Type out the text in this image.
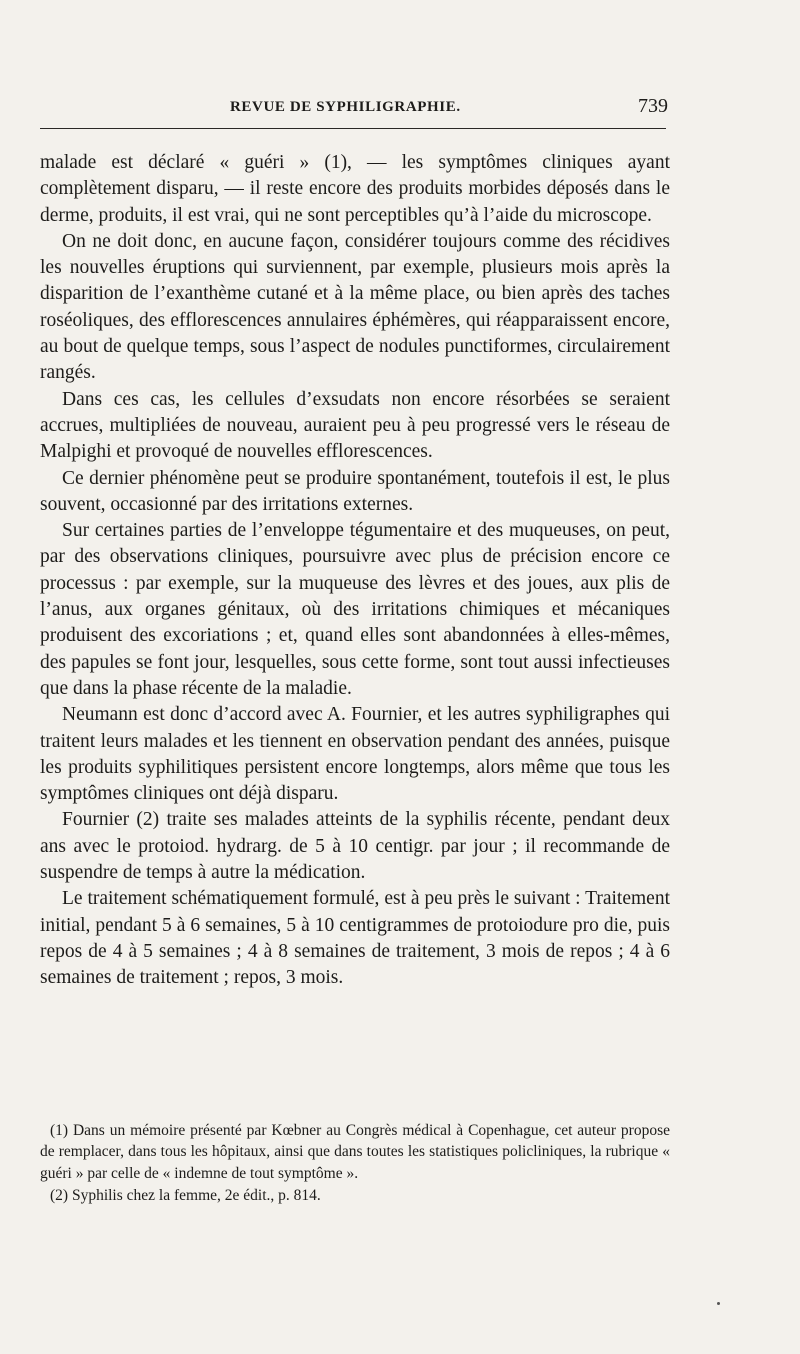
REVUE DE SYPHILIGRAPHIE.	739

malade est déclaré « guéri » (1), — les symptômes cliniques ayant complètement disparu, — il reste encore des produits morbides déposés dans le derme, produits, il est vrai, qui ne sont perceptibles qu’à l’aide du microscope.

On ne doit donc, en aucune façon, considérer toujours comme des récidives les nouvelles éruptions qui surviennent, par exemple, plusieurs mois après la disparition de l’exanthème cutané et à la même place, ou bien après des taches roséoliques, des efflorescences annulaires éphémères, qui réapparaissent encore, au bout de quelque temps, sous l’aspect de nodules punctiformes, circulairement rangés.

Dans ces cas, les cellules d’exsudats non encore résorbées se seraient accrues, multipliées de nouveau, auraient peu à peu progressé vers le réseau de Malpighi et provoqué de nouvelles efflorescences.

Ce dernier phénomène peut se produire spontanément, toutefois il est, le plus souvent, occasionné par des irritations externes.

Sur certaines parties de l’enveloppe tégumentaire et des muqueuses, on peut, par des observations cliniques, poursuivre avec plus de précision encore ce processus : par exemple, sur la muqueuse des lèvres et des joues, aux plis de l’anus, aux organes génitaux, où des irritations chimiques et mécaniques produisent des excoriations ; et, quand elles sont abandonnées à elles-mêmes, des papules se font jour, lesquelles, sous cette forme, sont tout aussi infectieuses que dans la phase récente de la maladie.

Neumann est donc d’accord avec A. Fournier, et les autres syphiligraphes qui traitent leurs malades et les tiennent en observation pendant des années, puisque les produits syphilitiques persistent encore longtemps, alors même que tous les symptômes cliniques ont déjà disparu.

Fournier (2) traite ses malades atteints de la syphilis récente, pendant deux ans avec le protoiod. hydrarg. de 5 à 10 centigr. par jour ; il recommande de suspendre de temps à autre la médication.

Le traitement schématiquement formulé, est à peu près le suivant : Traitement initial, pendant 5 à 6 semaines, 5 à 10 centigrammes de protoiodure pro die, puis repos de 4 à 5 semaines ; 4 à 8 semaines de traitement, 3 mois de repos ; 4 à 6 semaines de traitement ; repos, 3 mois.

(1) Dans un mémoire présenté par Kœbner au Congrès médical à Copenhague, cet auteur propose de remplacer, dans tous les hôpitaux, ainsi que dans toutes les statistiques policliniques, la rubrique « guéri » par celle de « indemne de tout symptôme ».

(2) Syphilis chez la femme, 2e édit., p. 814.
